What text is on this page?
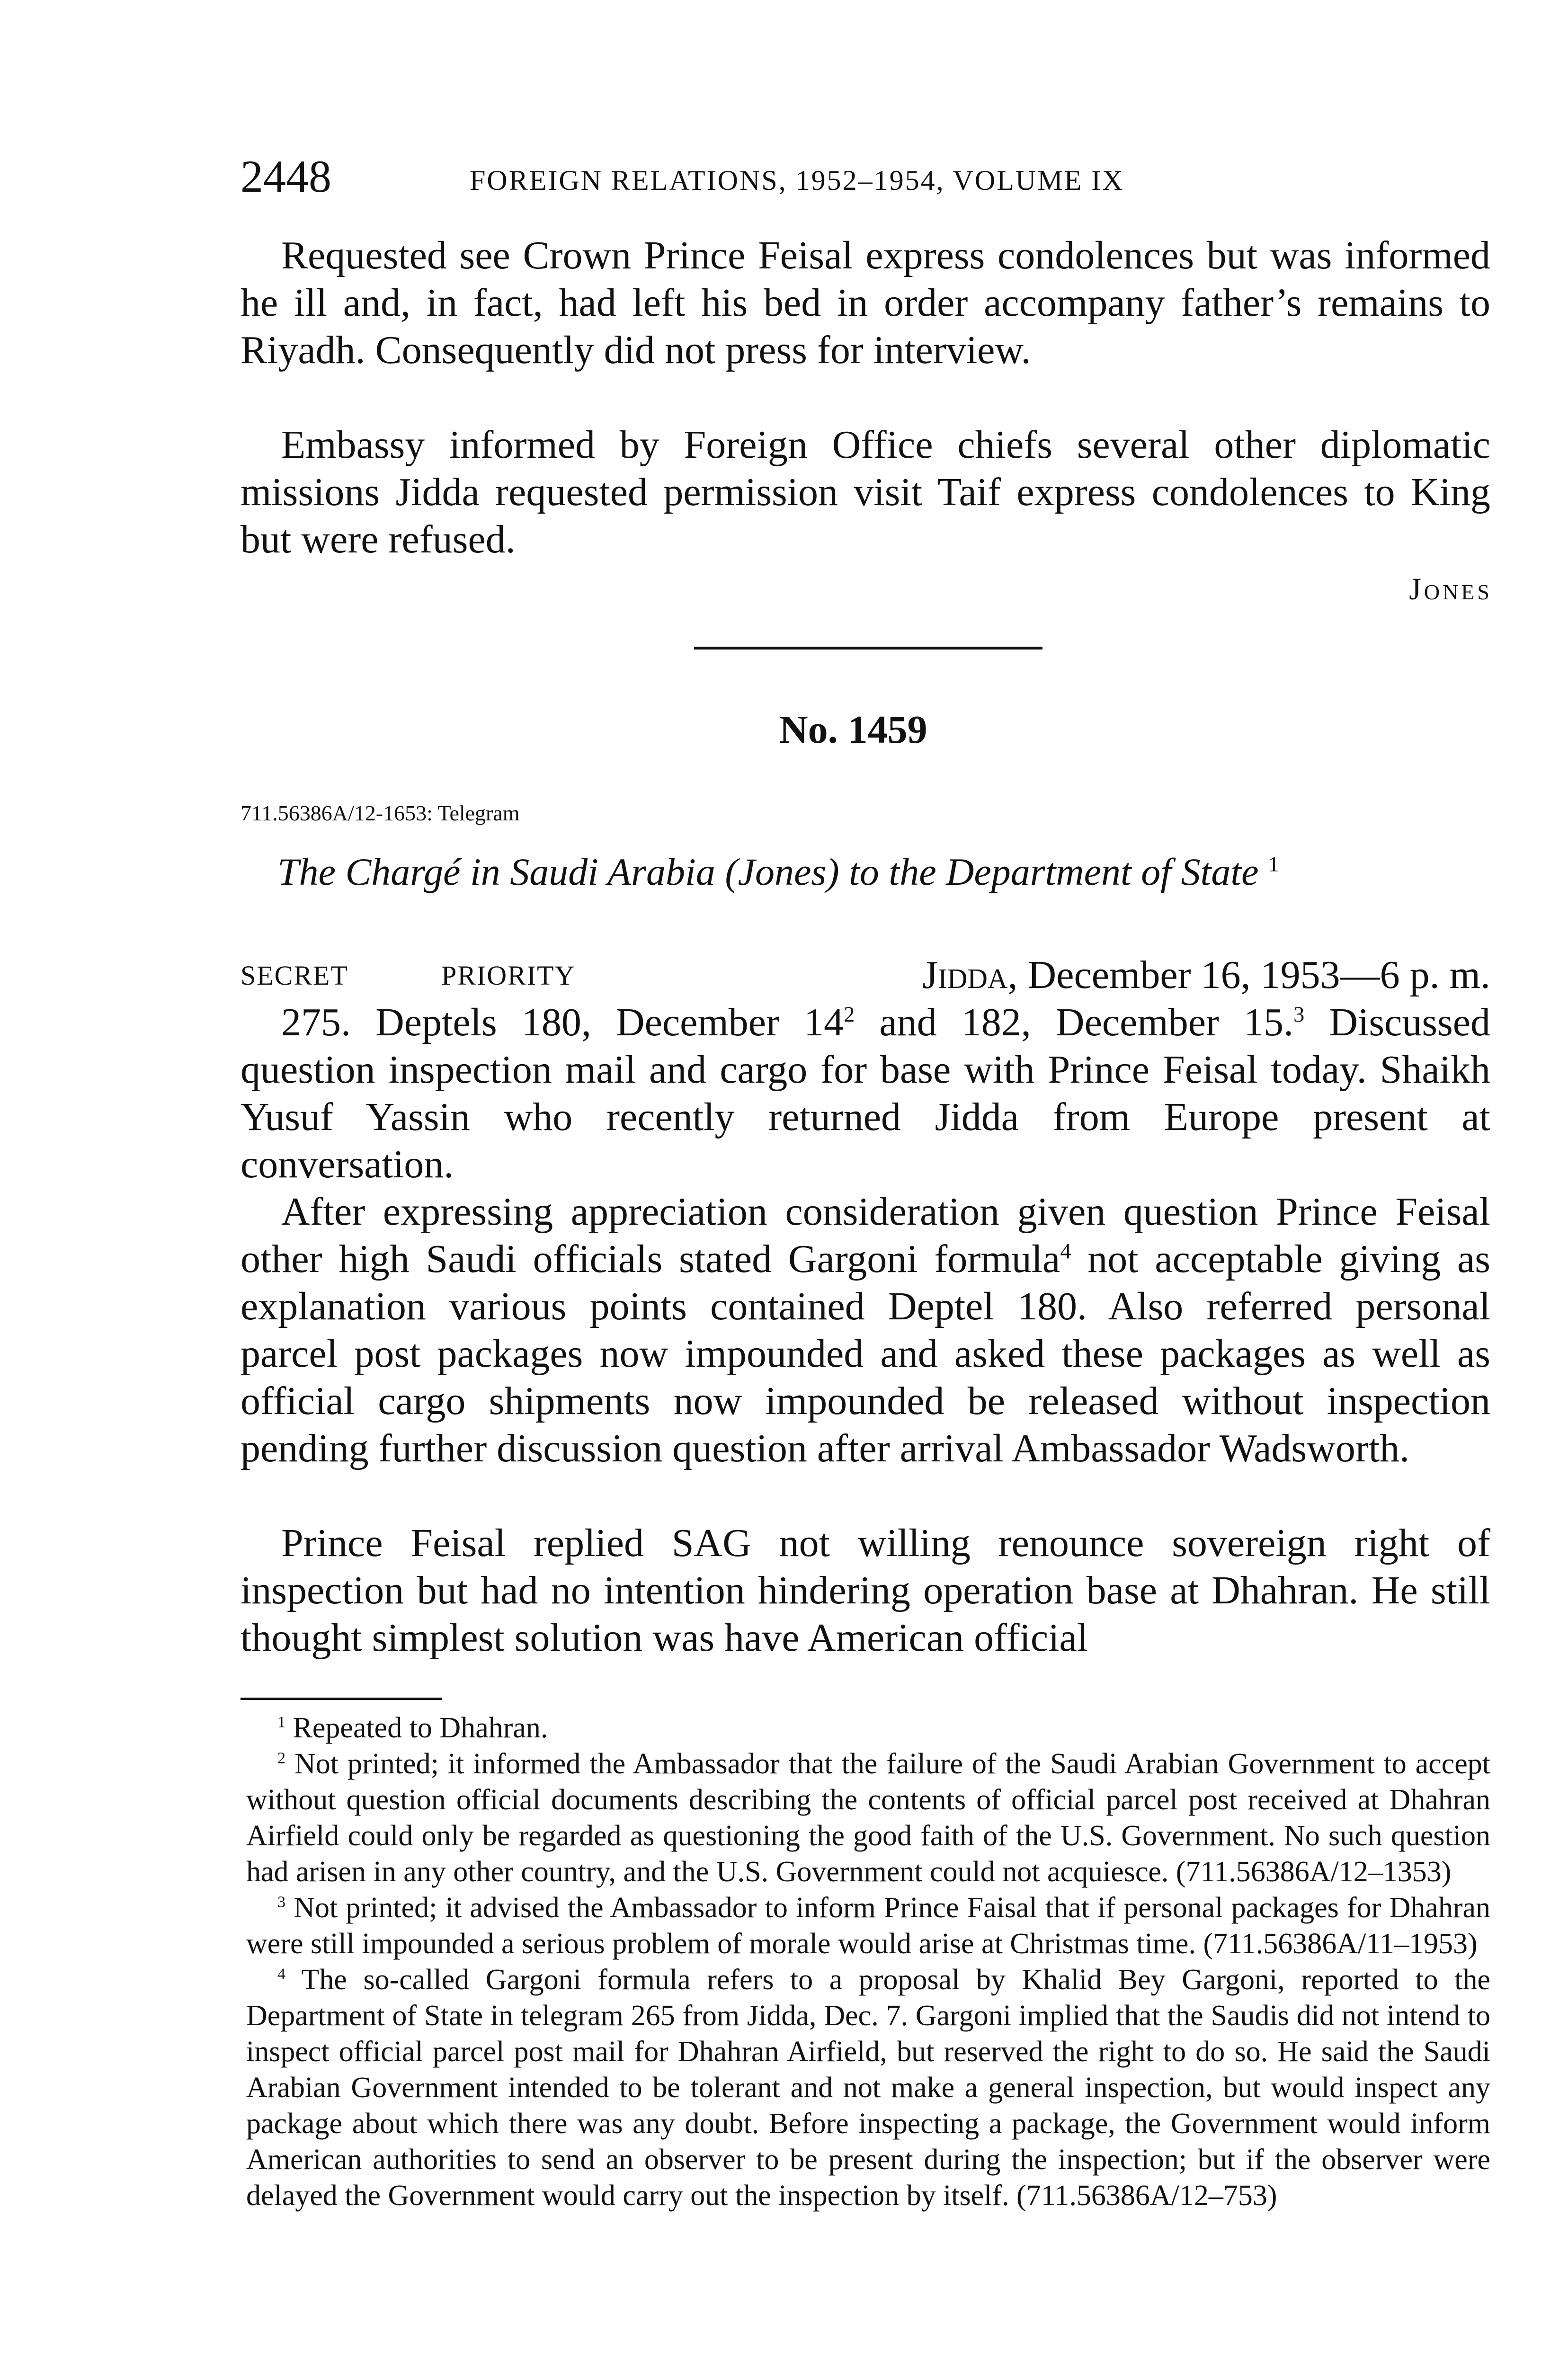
2448	FOREIGN RELATIONS, 1952–1954, VOLUME IX

Requested see Crown Prince Feisal express condolences but was informed he ill and, in fact, had left his bed in order accompany father’s remains to Riyadh. Consequently did not press for interview.

Embassy informed by Foreign Office chiefs several other diplomatic missions Jidda requested permission visit Taif express condolences to King but were refused.

Jones
No. 1459
711.56386A/12-1653: Telegram
The Chargé in Saudi Arabia (Jones) to the Department of State $^1$
SECRET	PRIORITY	Jidda, December 16, 1953—6 p. m.

275. Deptels 180, December $14^2$ and 182, December 15.$^3$ Discussed question inspection mail and cargo for base with Prince Feisal today. Shaikh Yusuf Yassin who recently returned Jidda from Europe present at conversation.

After expressing appreciation consideration given question Prince Feisal other high Saudi officials stated Gargoni formula$^4$ not acceptable giving as explanation various points contained Deptel 180. Also referred personal parcel post packages now impounded and asked these packages as well as official cargo shipments now impounded be released without inspection pending further discussion question after arrival Ambassador Wadsworth.

Prince Feisal replied SAG not willing renounce sovereign right of inspection but had no intention hindering operation base at Dhahran. He still thought simplest solution was have American official

$^1$ Repeated to Dhahran.

$^2$ Not printed; it informed the Ambassador that the failure of the Saudi Arabian Government to accept without question official documents describing the contents of official parcel post received at Dhahran Airfield could only be regarded as questioning the good faith of the U.S. Government. No such question had arisen in any other country, and the U.S. Government could not acquiesce. (711.56386A/12–1353)

$^3$ Not printed; it advised the Ambassador to inform Prince Faisal that if personal packages for Dhahran were still impounded a serious problem of morale would arise at Christmas time. (711.56386A/11–1953)

$^4$ The so-called Gargoni formula refers to a proposal by Khalid Bey Gargoni, reported to the Department of State in telegram 265 from Jidda, Dec. 7. Gargoni implied that the Saudis did not intend to inspect official parcel post mail for Dhahran Airfield, but reserved the right to do so. He said the Saudi Arabian Government intended to be tolerant and not make a general inspection, but would inspect any package about which there was any doubt. Before inspecting a package, the Government would inform American authorities to send an observer to be present during the inspection; but if the observer were delayed the Government would carry out the inspection by itself. (711.56386A/12–753)
